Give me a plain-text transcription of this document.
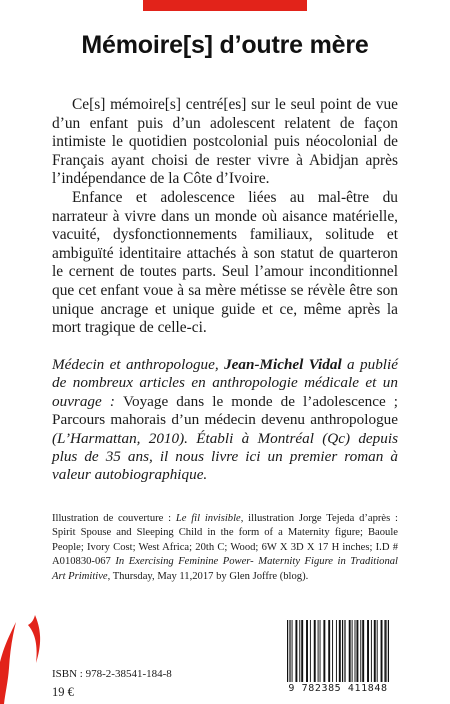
Mémoire[s] d’outre mère

Ce[s] mémoire[s] centré[es] sur le seul point de vue d’un enfant puis d’un adolescent relatent de façon intimiste le quotidien postcolonial puis néocolonial de Français ayant choisi de rester vivre à Abidjan après l’indépendance de la Côte d’Ivoire.

Enfance et adolescence liées au mal-être du narrateur à vivre dans un monde où aisance matérielle, vacuité, dysfonctionnements familiaux, solitude et ambiguïté identitaire attachés à son statut de quarteron le cernent de toutes parts. Seul l’amour inconditionnel que cet enfant voue à sa mère métisse se révèle être son unique ancrage et unique guide et ce, même après la mort tragique de celle-ci.

Médecin et anthropologue, Jean-Michel Vidal a publié de nombreux articles en anthropologie médicale et un ouvrage : Voyage dans le monde de l’adolescence ; Parcours mahorais d’un médecin devenu anthropologue (L’Harmattan, 2010). Établi à Montréal (Qc) depuis plus de 35 ans, il nous livre ici un premier roman à valeur autobiographique.
Illustration de couverture : Le fil invisible, illustration Jorge Tejeda d’après : Spirit Spouse and Sleeping Child in the form of a Maternity figure; Baoule People; Ivory Cost; West Africa; 20th C; Wood; 6W X 3D X 17 H inches; I.D # A010830-067 In Exercising Feminine Power- Maternity Figure in Traditional Art Primitive, Thursday, May 11,2017 by Glen Joffre (blog).
ISBN : 978-2-38541-184-8
19 €	9 782385 411848
